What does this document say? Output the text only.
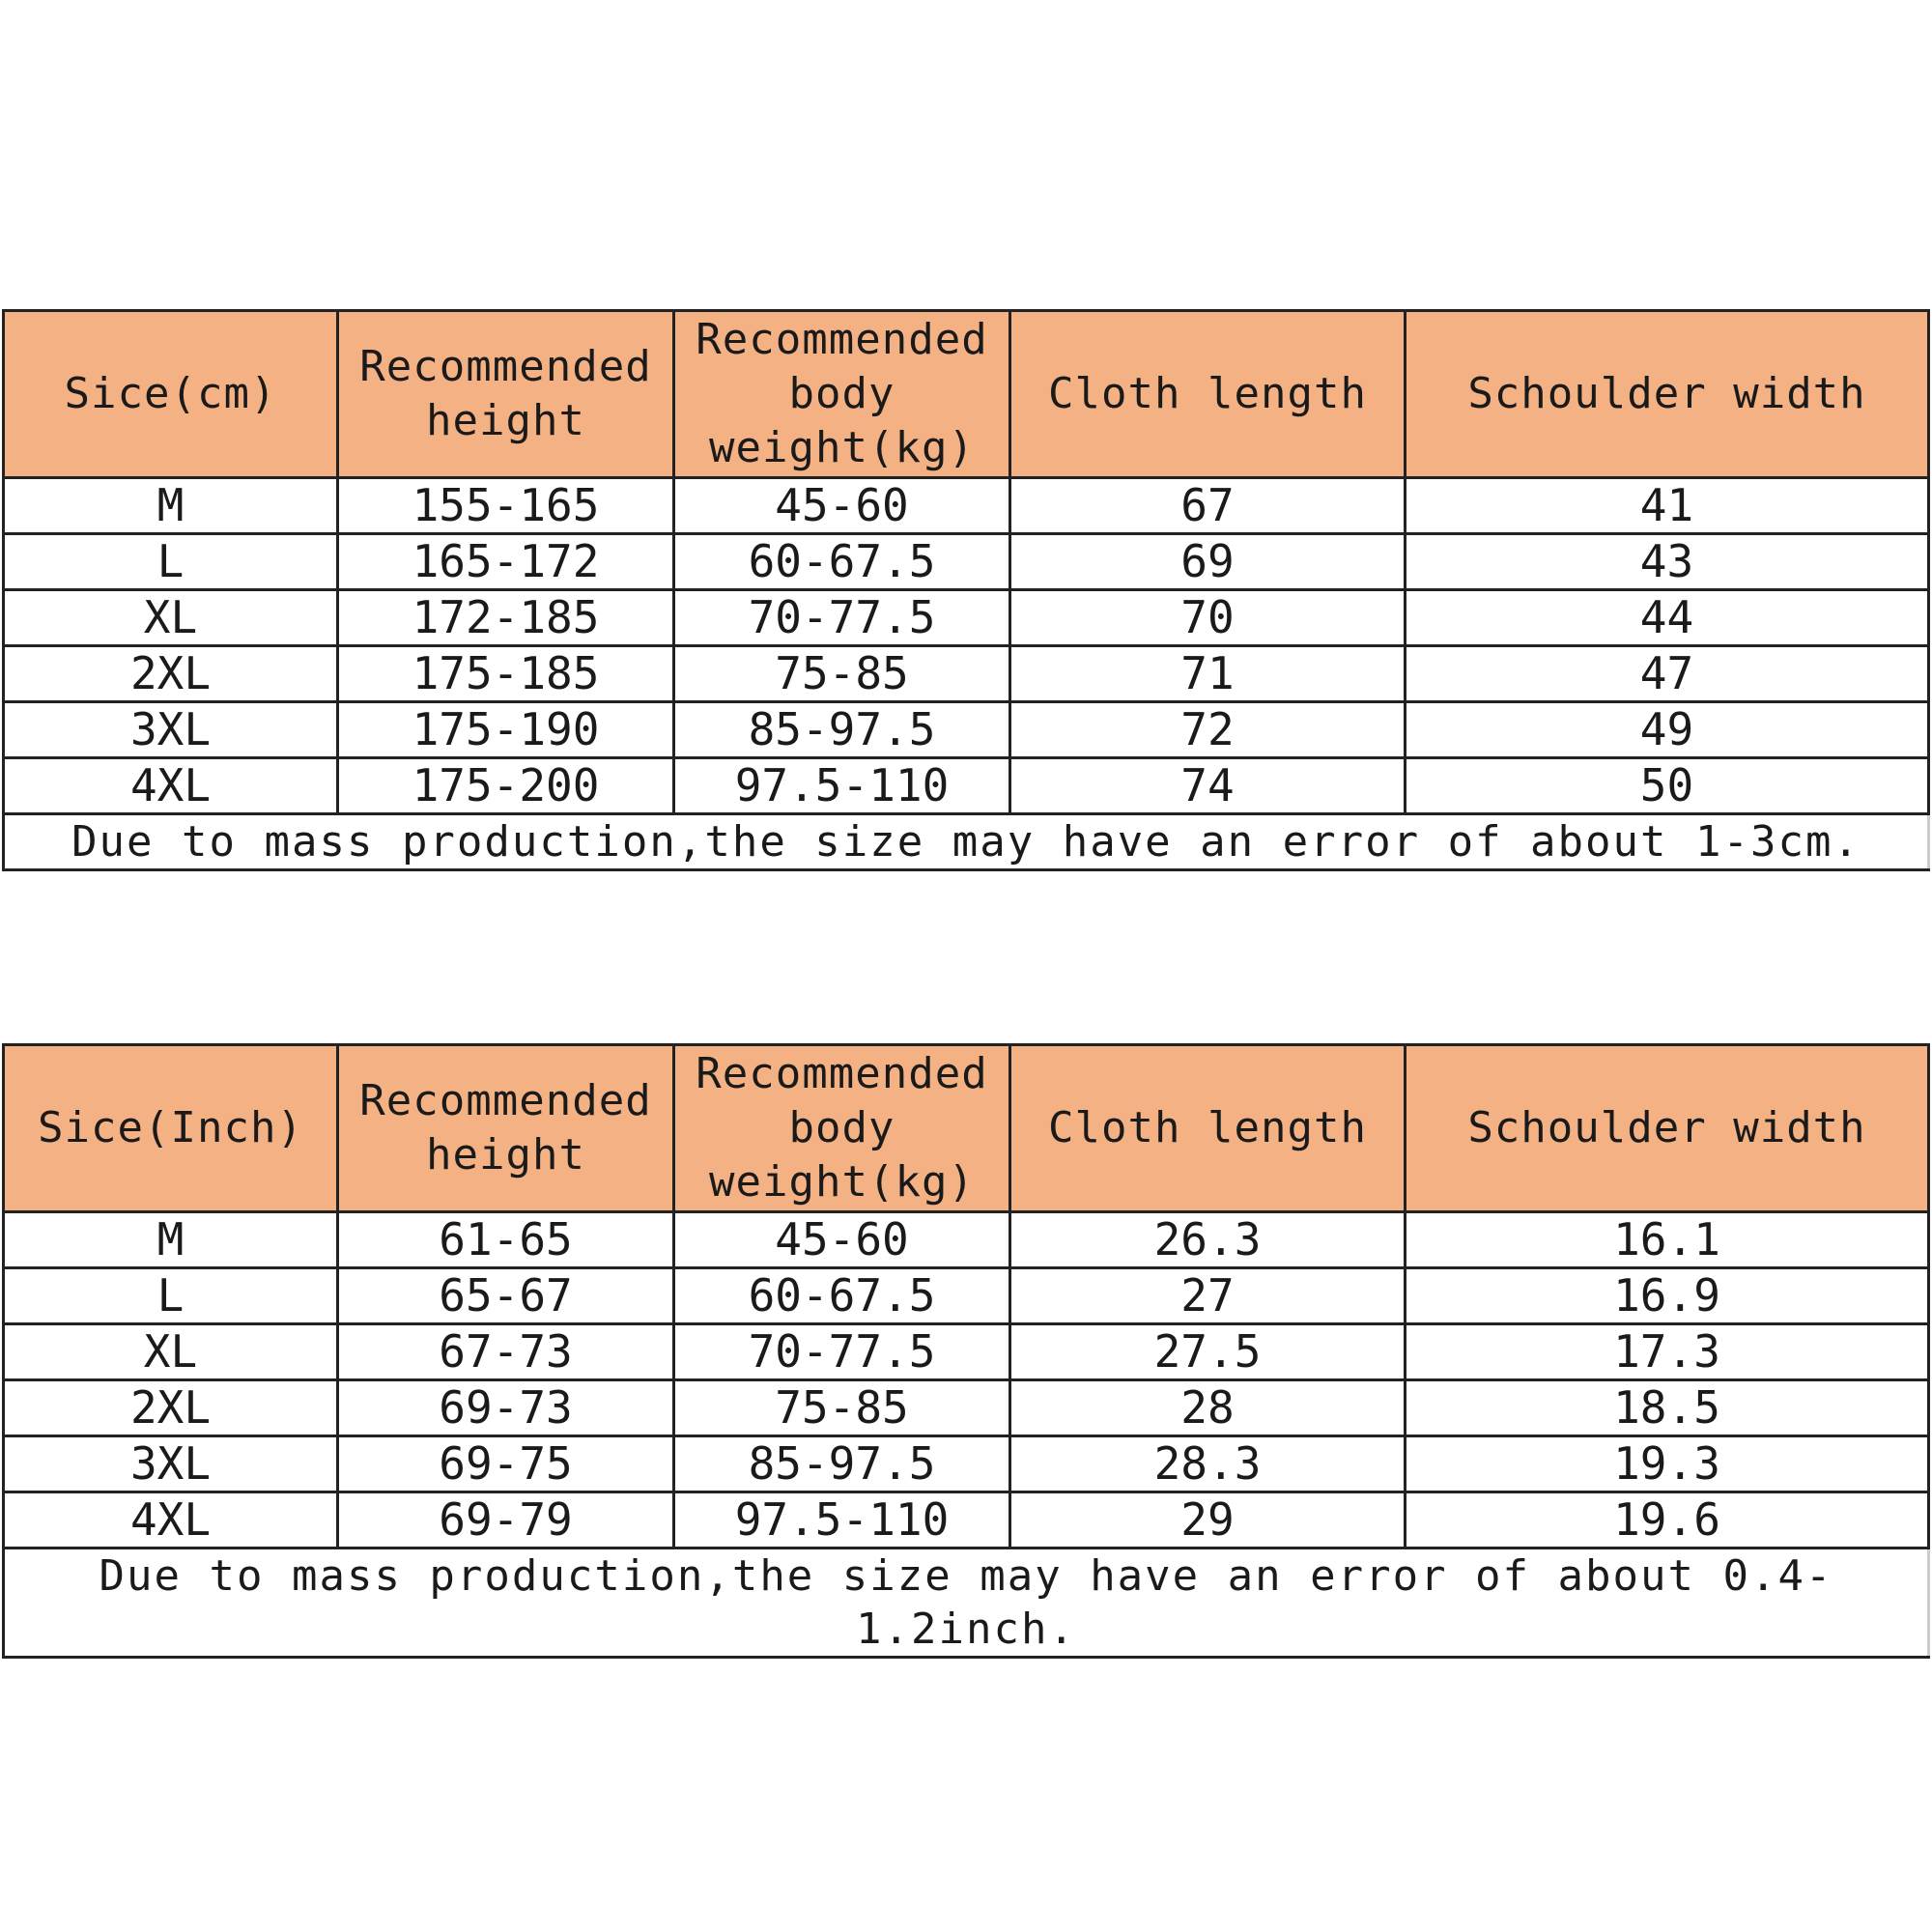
Sice(cm)	Recommended height	Recommended body weight(kg)	Cloth length	Schoulder width
M	155-165	45-60	67	41
L	165-172	60-67.5	69	43
XL	172-185	70-77.5	70	44
2XL	175-185	75-85	71	47
3XL	175-190	85-97.5	72	49
4XL	175-200	97.5-110	74	50
Due to mass production,the size may have an error of about 1-3cm.				
Sice(Inch)	Recommended height	Recommended body weight(kg)	Cloth length	Schoulder width
M	61-65	45-60	26.3	16.1
L	65-67	60-67.5	27	16.9
XL	67-73	70-77.5	27.5	17.3
2XL	69-73	75-85	28	18.5
3XL	69-75	85-97.5	28.3	19.3
4XL	69-79	97.5-110	29	19.6
Due to mass production,the size may have an error of about 0.4-1.2inch.				
